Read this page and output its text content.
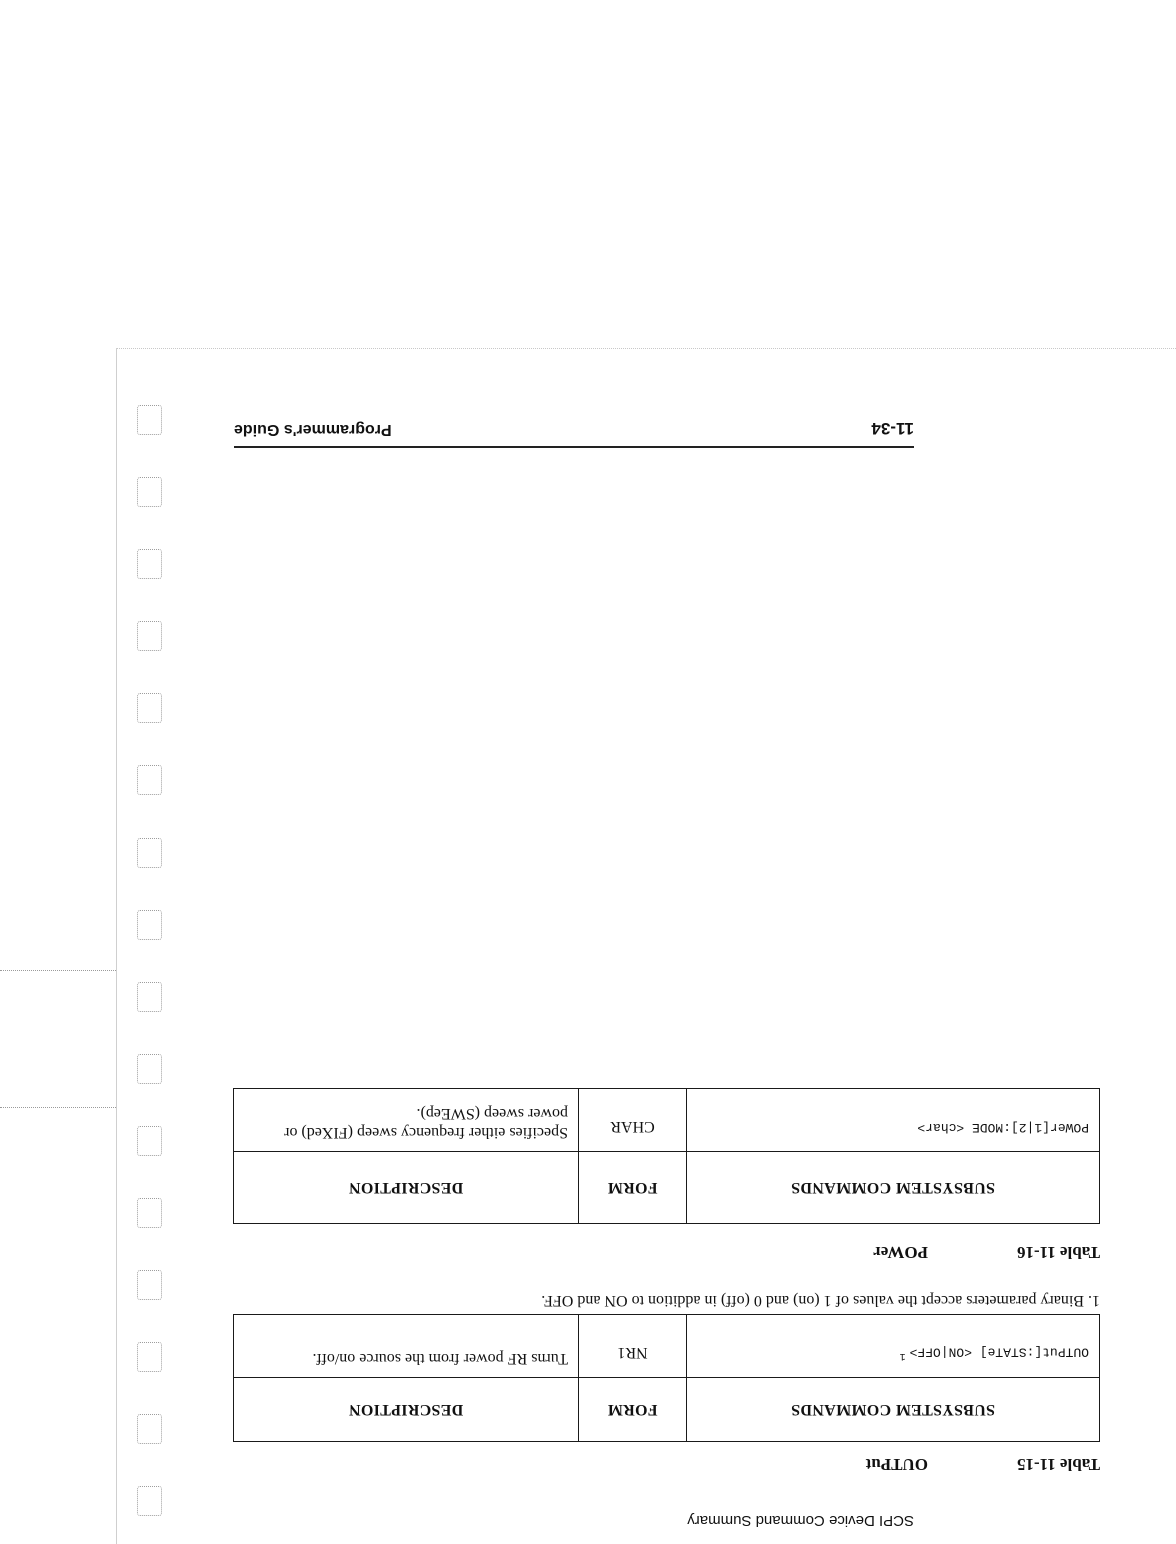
SCPI Device Command Summary
Table 11-15OUTPut
SUBSYSTEM COMMANDS	FORM	DESCRIPTION
OUTPut[:STATe] <ON|OFF>$^1$	NR1	Turns RF power from the source on/off.
1. Binary parameters accept the values of 1 (on) and 0 (off) in addition to ON and OFF.
Table 11-16POWer
SUBSYSTEM COMMANDS	FORM	DESCRIPTION
POWer[1|2]:MODE <char>	CHAR	Specifies either frequency sweep (FIXed) or power sweep (SWEep).
11-34
Programmer's Guide
